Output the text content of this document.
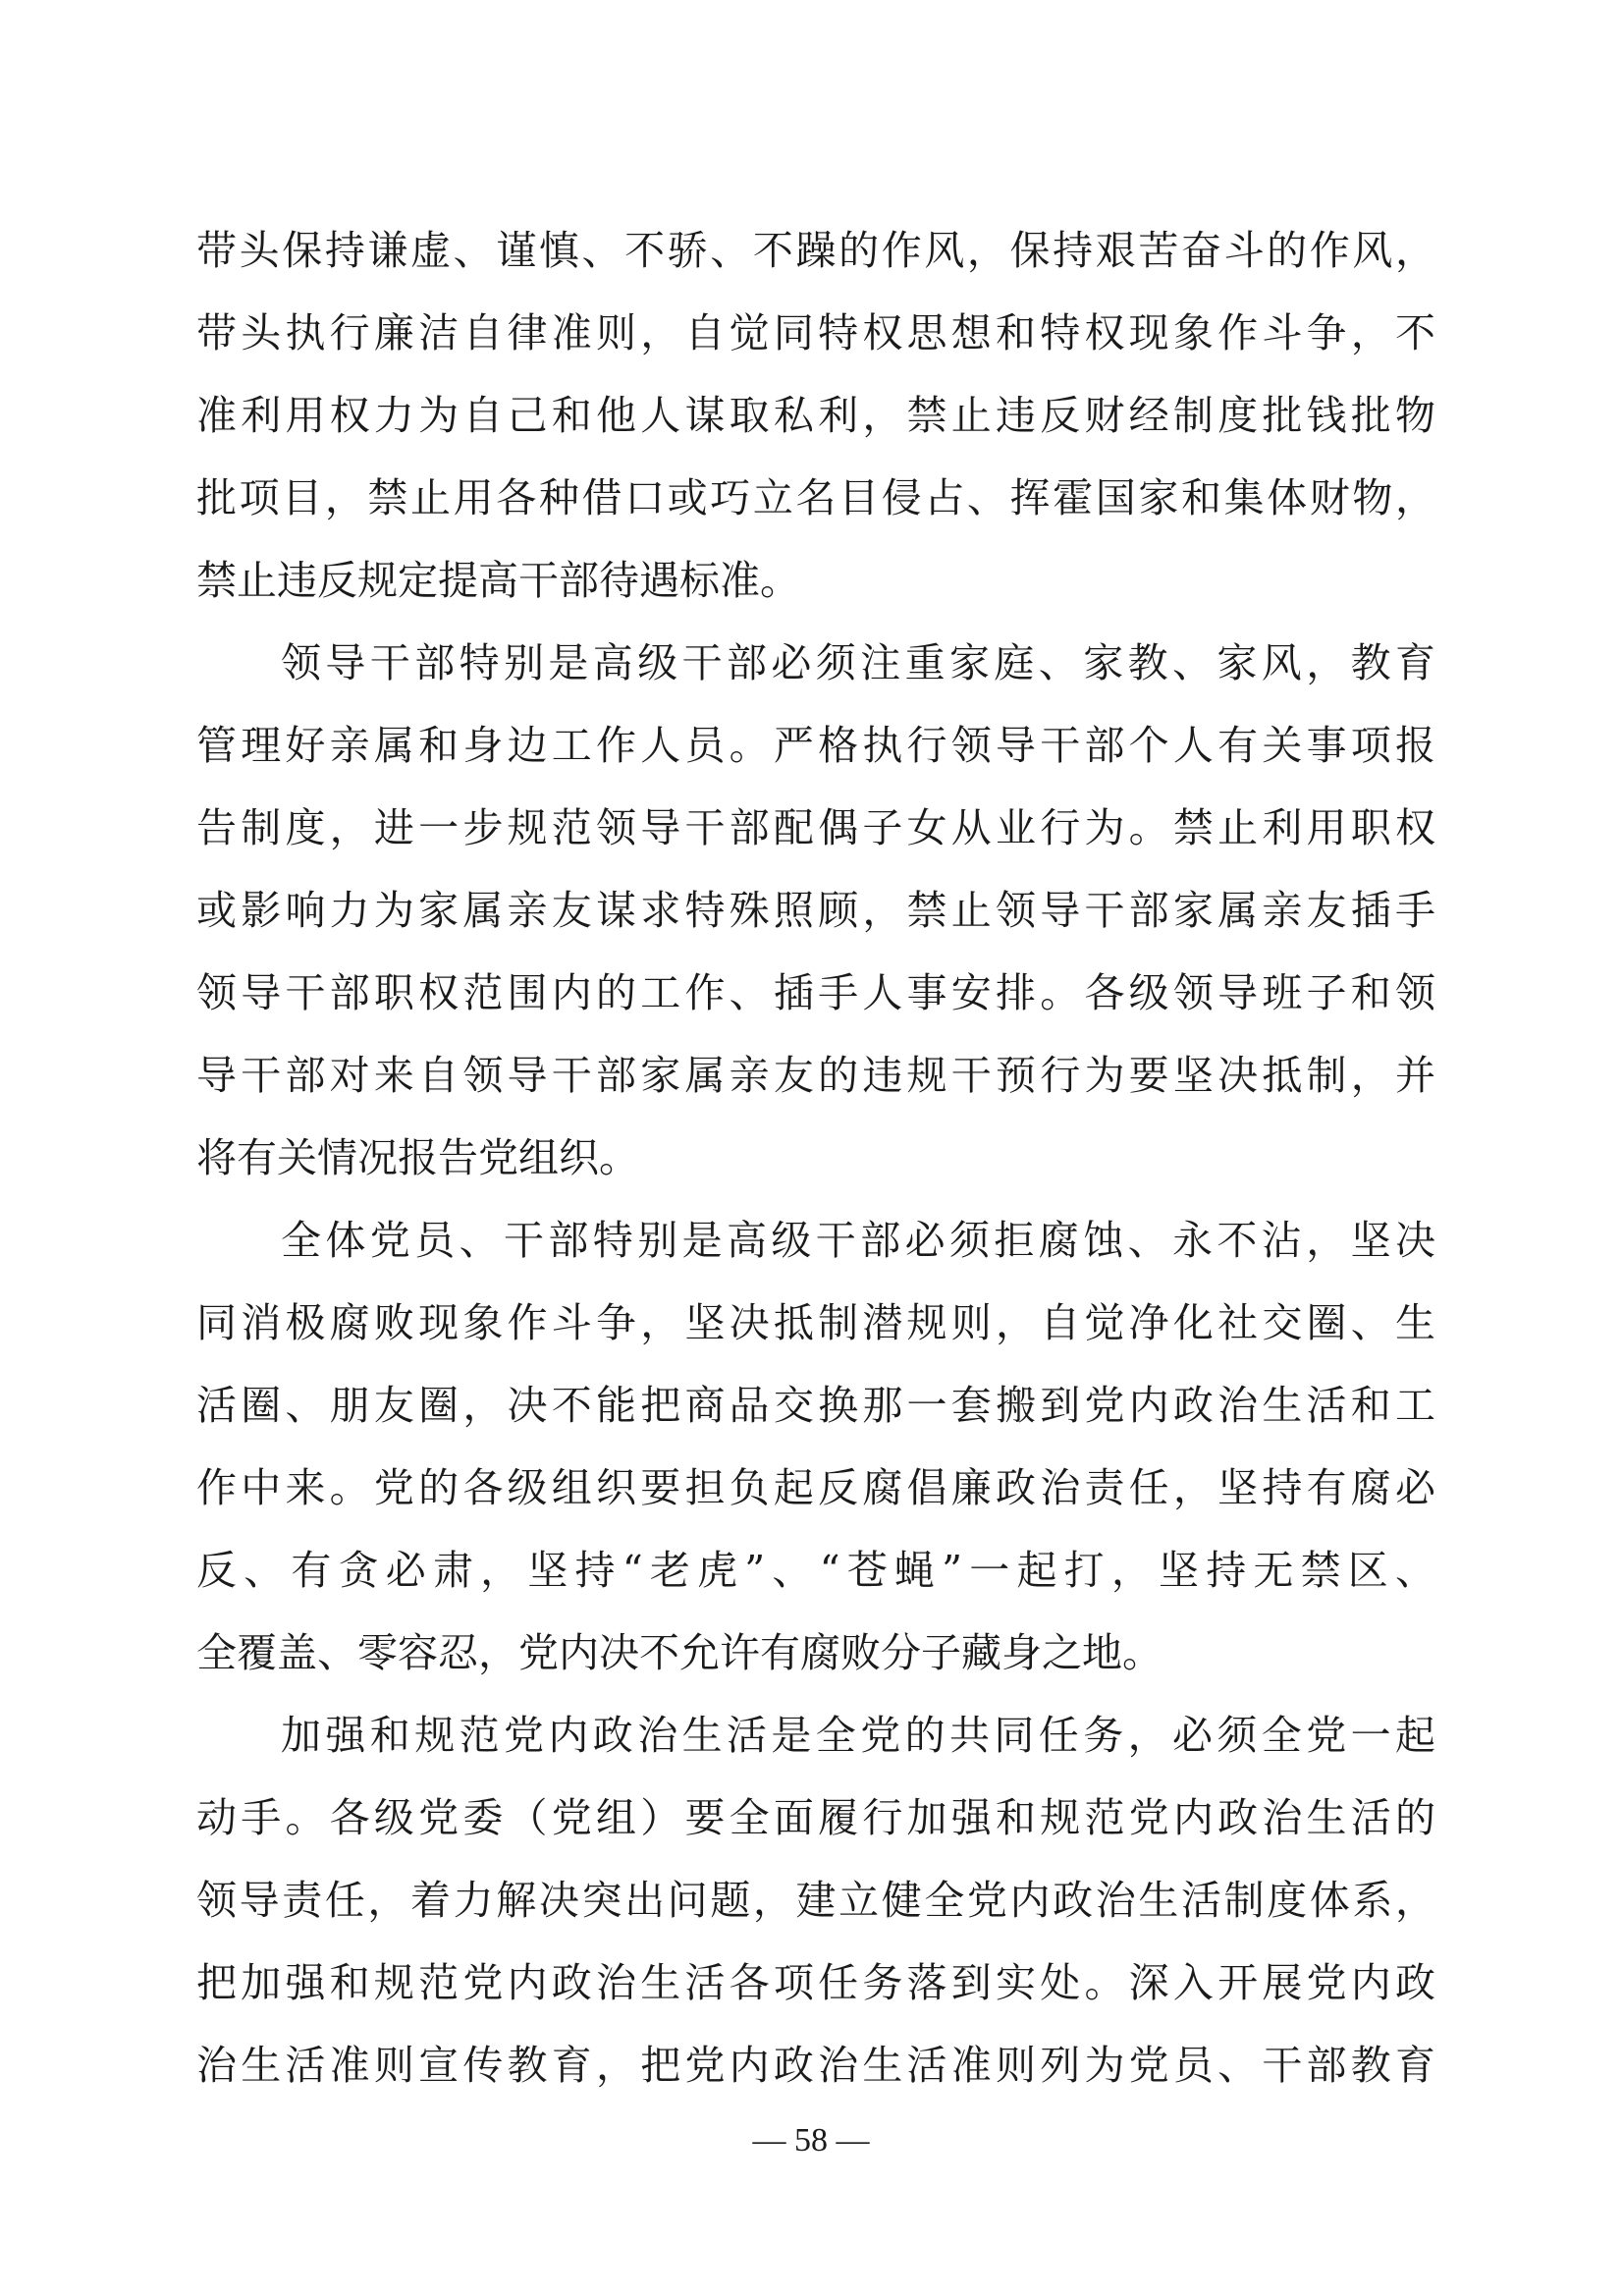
带头保持谦虚、谨慎、不骄、不躁的作风，保持艰苦奋斗的作风，
带头执行廉洁自律准则，自觉同特权思想和特权现象作斗争，不
准利用权力为自己和他人谋取私利，禁止违反财经制度批钱批物
批项目，禁止用各种借口或巧立名目侵占、挥霍国家和集体财物，
禁止违反规定提高干部待遇标准。
领导干部特别是高级干部必须注重家庭、家教、家风，教育
管理好亲属和身边工作人员。严格执行领导干部个人有关事项报
告制度，进一步规范领导干部配偶子女从业行为。禁止利用职权
或影响力为家属亲友谋求特殊照顾，禁止领导干部家属亲友插手
领导干部职权范围内的工作、插手人事安排。各级领导班子和领
导干部对来自领导干部家属亲友的违规干预行为要坚决抵制，并
将有关情况报告党组织。
全体党员、干部特别是高级干部必须拒腐蚀、永不沾，坚决
同消极腐败现象作斗争，坚决抵制潜规则，自觉净化社交圈、生
活圈、朋友圈，决不能把商品交换那一套搬到党内政治生活和工
作中来。党的各级组织要担负起反腐倡廉政治责任，坚持有腐必
反、有贪必肃，坚持“老虎”、“苍蝇”一起打，坚持无禁区、
全覆盖、零容忍，党内决不允许有腐败分子藏身之地。
加强和规范党内政治生活是全党的共同任务，必须全党一起
动手。各级党委（党组）要全面履行加强和规范党内政治生活的
领导责任，着力解决突出问题，建立健全党内政治生活制度体系，
把加强和规范党内政治生活各项任务落到实处。深入开展党内政
治生活准则宣传教育，把党内政治生活准则列为党员、干部教育
— 58 —
